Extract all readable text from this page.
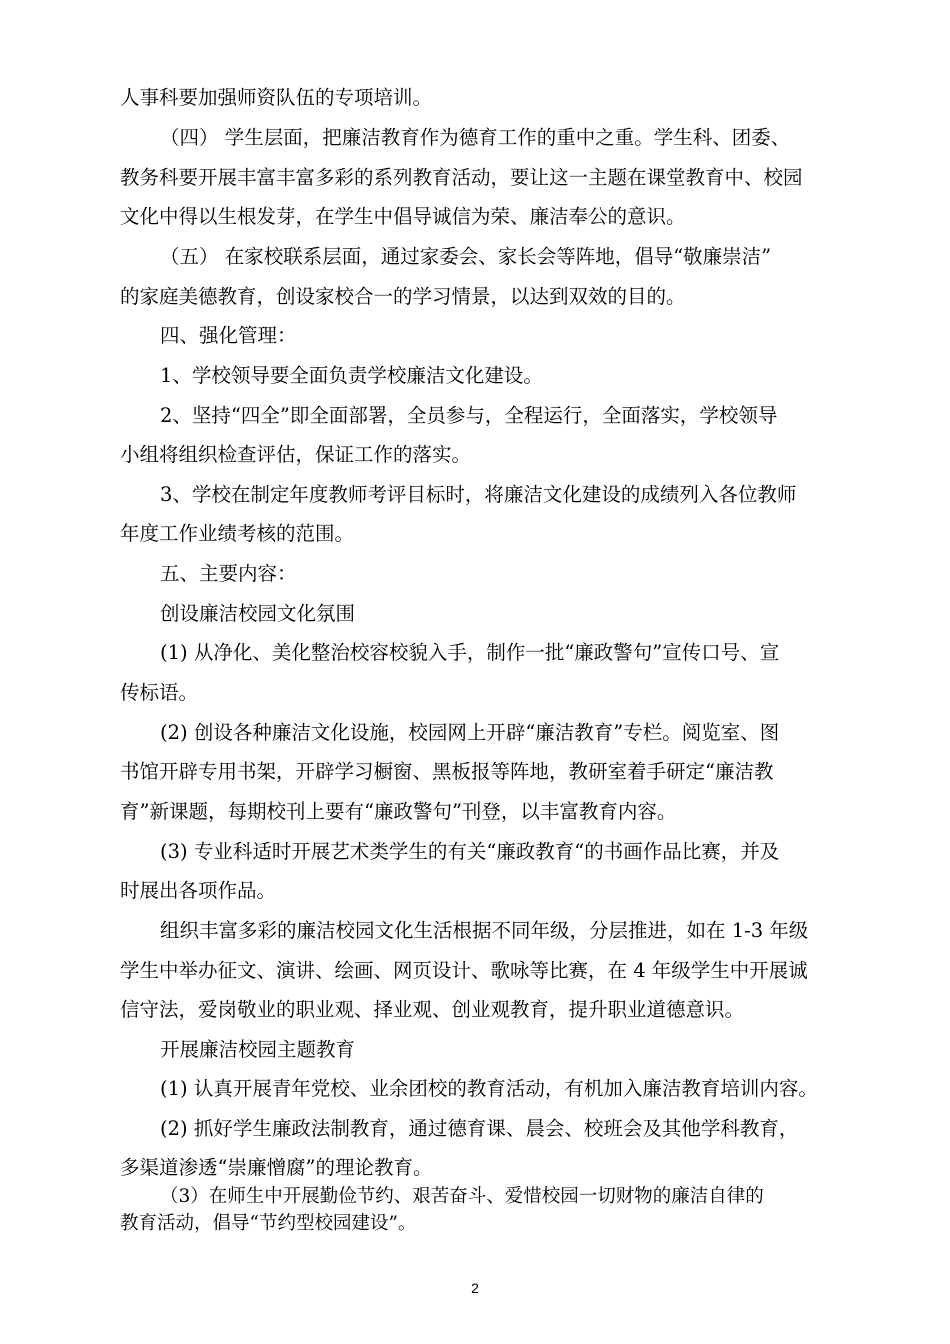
人事科要加强师资队伍的专项培训。
（四） 学生层面，把廉洁教育作为德育工作的重中之重。学生科、团委、
教务科要开展丰富丰富多彩的系列教育活动，要让这一主题在课堂教育中、校园
文化中得以生根发芽，在学生中倡导诚信为荣、廉洁奉公的意识。
（五） 在家校联系层面，通过家委会、家长会等阵地，倡导“敬廉崇洁”
的家庭美德教育，创设家校合一的学习情景，以达到双效的目的。
四、强化管理：
1、学校领导要全面负责学校廉洁文化建设。
2、坚持“四全”即全面部署，全员参与，全程运行，全面落实，学校领导
小组将组织检查评估，保证工作的落实。
3、学校在制定年度教师考评目标时，将廉洁文化建设的成绩列入各位教师
年度工作业绩考核的范围。
五、主要内容：
创设廉洁校园文化氛围
(1) 从净化、美化整治校容校貌入手，制作一批“廉政警句”宣传口号、宣
传标语。
(2) 创设各种廉洁文化设施，校园网上开辟“廉洁教育”专栏。阅览室、图
书馆开辟专用书架，开辟学习橱窗、黑板报等阵地，教研室着手研定“廉洁教
育”新课题，每期校刊上要有“廉政警句”刊登，以丰富教育内容。
(3) 专业科适时开展艺术类学生的有关“廉政教育“的书画作品比赛，并及
时展出各项作品。
组织丰富多彩的廉洁校园文化生活根据不同年级，分层推进，如在 1-3 年级
学生中举办征文、演讲、绘画、网页设计、歌咏等比赛，在 4 年级学生中开展诚
信守法，爱岗敬业的职业观、择业观、创业观教育，提升职业道德意识。
开展廉洁校园主题教育
(1) 认真开展青年党校、业余团校的教育活动，有机加入廉洁教育培训内容。
(2) 抓好学生廉政法制教育，通过德育课、晨会、校班会及其他学科教育，
多渠道渗透“崇廉憎腐”的理论教育。
（3）在师生中开展勤俭节约、艰苦奋斗、爱惜校园一切财物的廉洁自律的
教育活动，倡导“节约型校园建设”。
2
